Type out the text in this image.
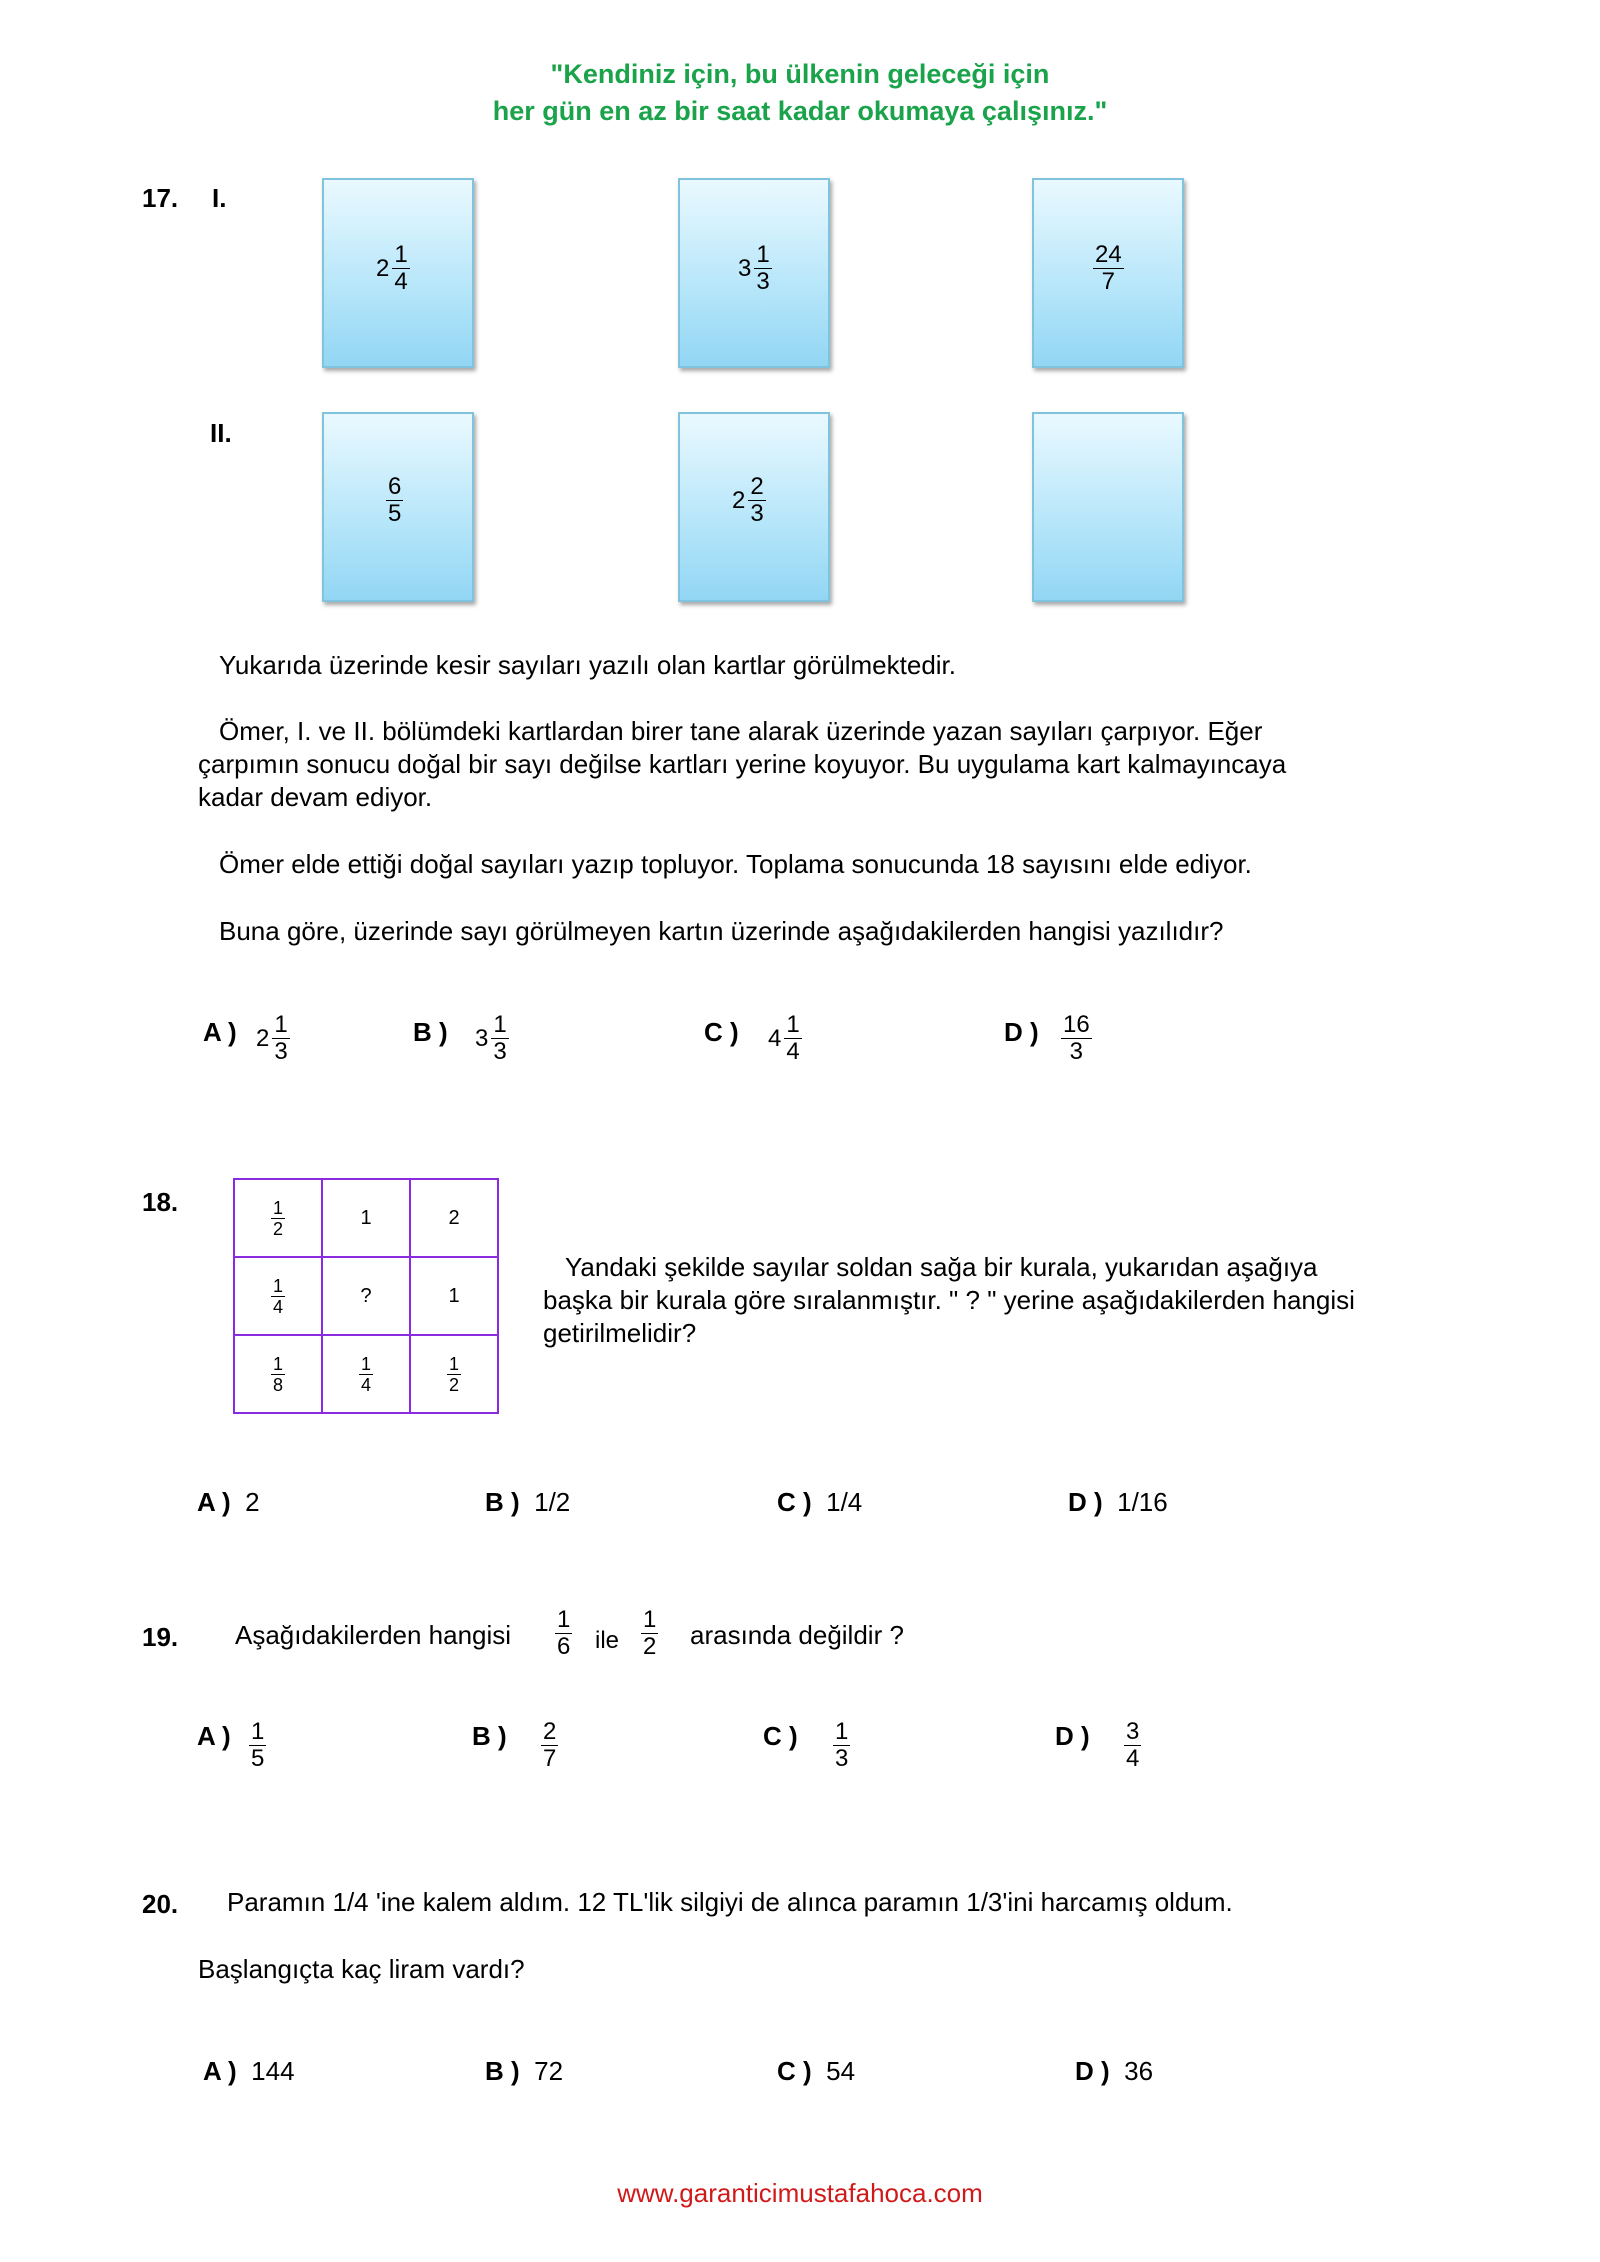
"Kendiniz için, bu ülkenin geleceği için
her gün en az bir saat kadar okumaya çalışınız."
17. I.
II.
2 1
4	3 1
3
24
7
6
5	2 2
3
Yukarıda üzerinde kesir sayıları yazılı olan kartlar görülmektedir.
Ömer, I. ve II. bölümdeki kartlardan birer tane alarak üzerinde yazan sayıları çarpıyor. Eğer
çarpımın sonucu doğal bir sayı değilse kartları yerine koyuyor. Bu uygulama kart kalmayıncaya
kadar devam ediyor.
Ömer elde ettiği doğal sayıları yazıp topluyor. Toplama sonucunda 18 sayısını elde ediyor.
Buna göre, üzerinde sayı görülmeyen kartın üzerinde aşağıdakilerden hangisi yazılıdır?
A ) 2 1
3
B ) 3 1
3
C ) 4 1
4
D ) 16
3
18.	$\frac{1}{2}$	1	2

$\frac{1}{4}$	?	1

$\frac{1}{8}$	$\frac{1}{4}$	$\frac{1}{2}$
Yandaki şekilde sayılar soldan sağa bir kurala, yukarıdan aşağıya
başka bir kurala göre sıralanmıştır. " ? " yerine aşağıdakilerden hangisi
getirilmelidir?
A ) 2	B ) 1/2	C ) 1/4	D ) 1/16
19. Aşağıdakilerden hangisi
1
6 ile
1
2 arasında değildir ?
A ) 1
5
B ) 2
7
C ) 1
3
D ) 3
4
20. Paramın 1/4 'ine kalem aldım. 12 TL'lik silgiyi de alınca paramın 1/3'ini harcamış oldum.
Başlangıçta kaç liram vardı?
A ) 144	B ) 72	C ) 54	D ) 36
www.garanticimustafahoca.com
